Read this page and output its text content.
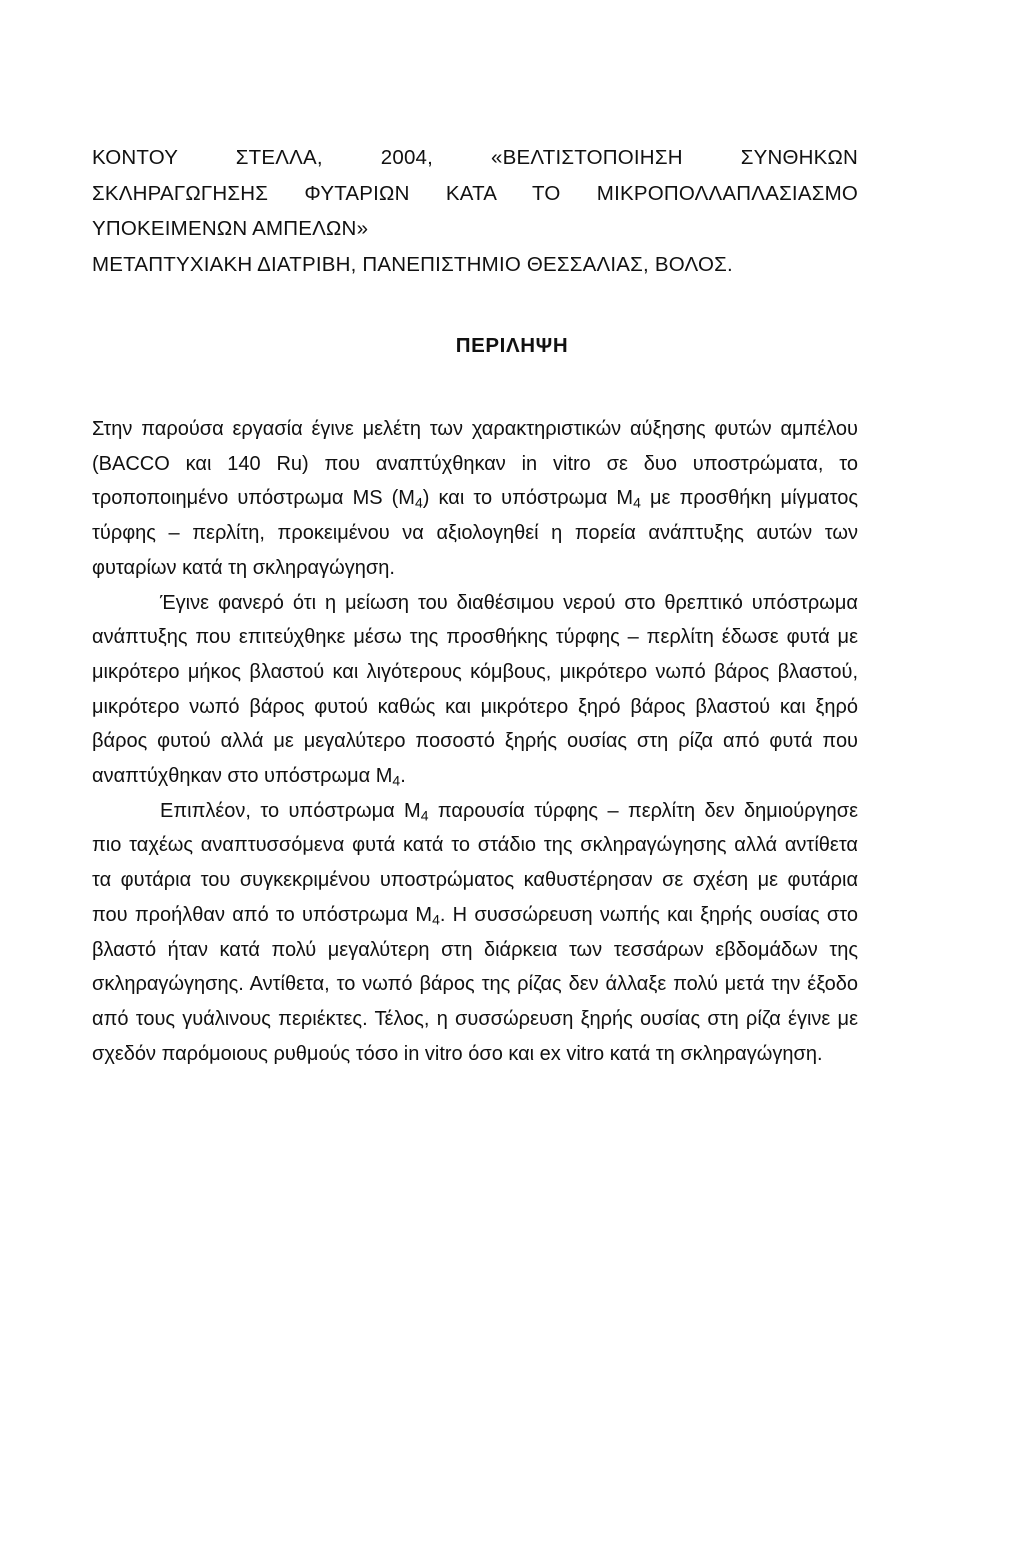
ΚΟΝΤΟΥ ΣΤΕΛΛΑ, 2004, «ΒΕΛΤΙΣΤΟΠΟΙΗΣΗ ΣΥΝΘΗΚΩΝ
ΣΚΛΗΡΑΓΩΓΗΣΗΣ ΦΥΤΑΡΙΩΝ ΚΑΤΑ ΤΟ ΜΙΚΡΟΠΟΛΛΑΠΛΑΣΙΑΣΜΟ
ΥΠΟΚΕΙΜΕΝΩΝ ΑΜΠΕΛΩΝ»
ΜΕΤΑΠΤΥΧΙΑΚΗ ΔΙΑΤΡΙΒΗ, ΠΑΝΕΠΙΣΤΗΜΙΟ ΘΕΣΣΑΛΙΑΣ, ΒΟΛΟΣ.
ΠΕΡΙΛΗΨΗ

Στην παρούσα εργασία έγινε μελέτη των χαρακτηριστικών αύξησης φυτών αμπέλου (BACCO και 140 Ru) που αναπτύχθηκαν in vitro σε δυο υποστρώματα, το τροποποιημένο υπόστρωμα MS $(M_4)$ και το υπόστρωμα $M_4$ με προσθήκη μίγματος τύρφης – περλίτη, προκειμένου να αξιολογηθεί η πορεία ανάπτυξης αυτών των φυταρίων κατά τη σκληραγώγηση.

Έγινε φανερό ότι η μείωση του διαθέσιμου νερού στο θρεπτικό υπόστρωμα ανάπτυξης που επιτεύχθηκε μέσω της προσθήκης τύρφης – περλίτη έδωσε φυτά με μικρότερο μήκος βλαστού και λιγότερους κόμβους, μικρότερο νωπό βάρος βλαστού, μικρότερο νωπό βάρος φυτού καθώς και μικρότερο ξηρό βάρος βλαστού και ξηρό βάρος φυτού αλλά με μεγαλύτερο ποσοστό ξηρής ουσίας στη ρίζα από φυτά που αναπτύχθηκαν στο υπόστρωμα $M_4$.

Επιπλέον, το υπόστρωμα $M_4$ παρουσία τύρφης – περλίτη δεν δημιούργησε πιο ταχέως αναπτυσσόμενα φυτά κατά το στάδιο της σκληραγώγησης αλλά αντίθετα τα φυτάρια του συγκεκριμένου υποστρώματος καθυστέρησαν σε σχέση με φυτάρια που προήλθαν από το υπόστρωμα $M_4$. Η συσσώρευση νωπής και ξηρής ουσίας στο βλαστό ήταν κατά πολύ μεγαλύτερη στη διάρκεια των τεσσάρων εβδομάδων της σκληραγώγησης. Αντίθετα, το νωπό βάρος της ρίζας δεν άλλαξε πολύ μετά την έξοδο από τους γυάλινους περιέκτες. Τέλος, η συσσώρευση ξηρής ουσίας στη ρίζα έγινε με σχεδόν παρόμοιους ρυθμούς τόσο in vitro όσο και ex vitro κατά τη σκληραγώγηση.
